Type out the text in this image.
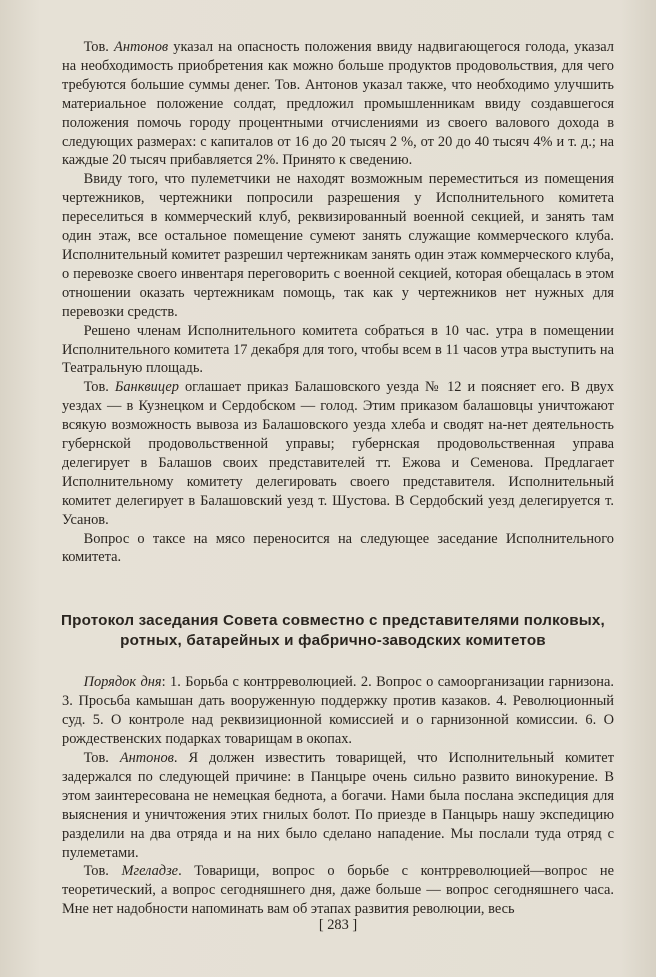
   Тов. Антонов указал на опасность положения ввиду надвигающегося голода, указал на необходимость приобретения как можно больше продуктов продовольствия, для чего требуются большие суммы денег. Тов. Антонов указал также, что необходимо улучшить материальное положение солдат, предложил промышленникам ввиду создавшегося положения помочь городу процентными отчислениями из своего валового дохода в следующих размерах: с капиталов от 16 до 20 тысяч 2 %, от 20 до 40 тысяч 4% и т. д.; на каждые 20 тысяч прибавляется 2%. Принято к сведению.

   Ввиду того, что пулеметчики не находят возможным переместиться из помещения чертежников, чертежники попросили разрешения у Исполнительного комитета переселиться в коммерческий клуб, реквизированный военной секцией, и занять там один этаж, все остальное помещение сумеют занять служащие коммерческого клуба. Исполнительный комитет разрешил чертежникам занять один этаж коммерческого клуба, о перевозке своего инвентаря переговорить с военной секцией, которая обещалась в этом отношении оказать чертежникам помощь, так как у чертежников нет нужных для перевозки средств.

   Решено членам Исполнительного комитета собраться в 10 час. утра в помещении Исполнительного комитета 17 декабря для того, чтобы всем в 11 часов утра выступить на Театральную площадь.

   Тов. Банквицер оглашает приказ Балашовского уезда № 12 и поясняет его. В двух уездах — в Кузнецком и Сердобском — голод. Этим приказом балашовцы уничтожают всякую возможность вывоза из Балашовского уезда хлеба и сводят на-нет деятельность губернской продовольственной управы; губернская продовольственная управа делегирует в Балашов своих представителей тт. Ежова и Семенова. Предлагает Исполнительному комитету делегировать своего представителя. Исполнительный комитет делегирует в Балашовский уезд т. Шустова. В Сердобский уезд делегируется т. Усанов.

   Вопрос о таксе на мясо переносится на следующее заседание Исполнительного комитета.

Протокол заседания Совета совместно с представителями полковых,
ротных, батарейных и фабрично-заводских комитетов

   Порядок дня: 1. Борьба с контрреволюцией. 2. Вопрос о самоорганизации гарнизона. 3. Просьба камышан дать вооруженную поддержку против казаков. 4. Революционный суд. 5. О контроле над реквизиционной комиссией и о гарнизонной комиссии. 6. О рождественских подарках товарищам в окопах.

   Тов. Антонов. Я должен известить товарищей, что Исполнительный комитет задержался по следующей причине: в Панцыре очень сильно развито винокурение. В этом заинтересована не немецкая беднота, а богачи. Нами была послана экспедиция для выяснения и уничтожения этих гнилых болот. По приезде в Панцырь нашу экспедицию разделили на два отряда и на них было сделано нападение. Мы послали туда отряд с пулеметами.

   Тов. Мгеладзе. Товарищи, вопрос о борьбе с контрреволюцией—вопрос не теоретический, а вопрос сегодняшнего дня, даже больше — вопрос сегодняшнего часа. Мне нет надобности напоминать вам об этапах развития революции, весь

[ 283 ]
